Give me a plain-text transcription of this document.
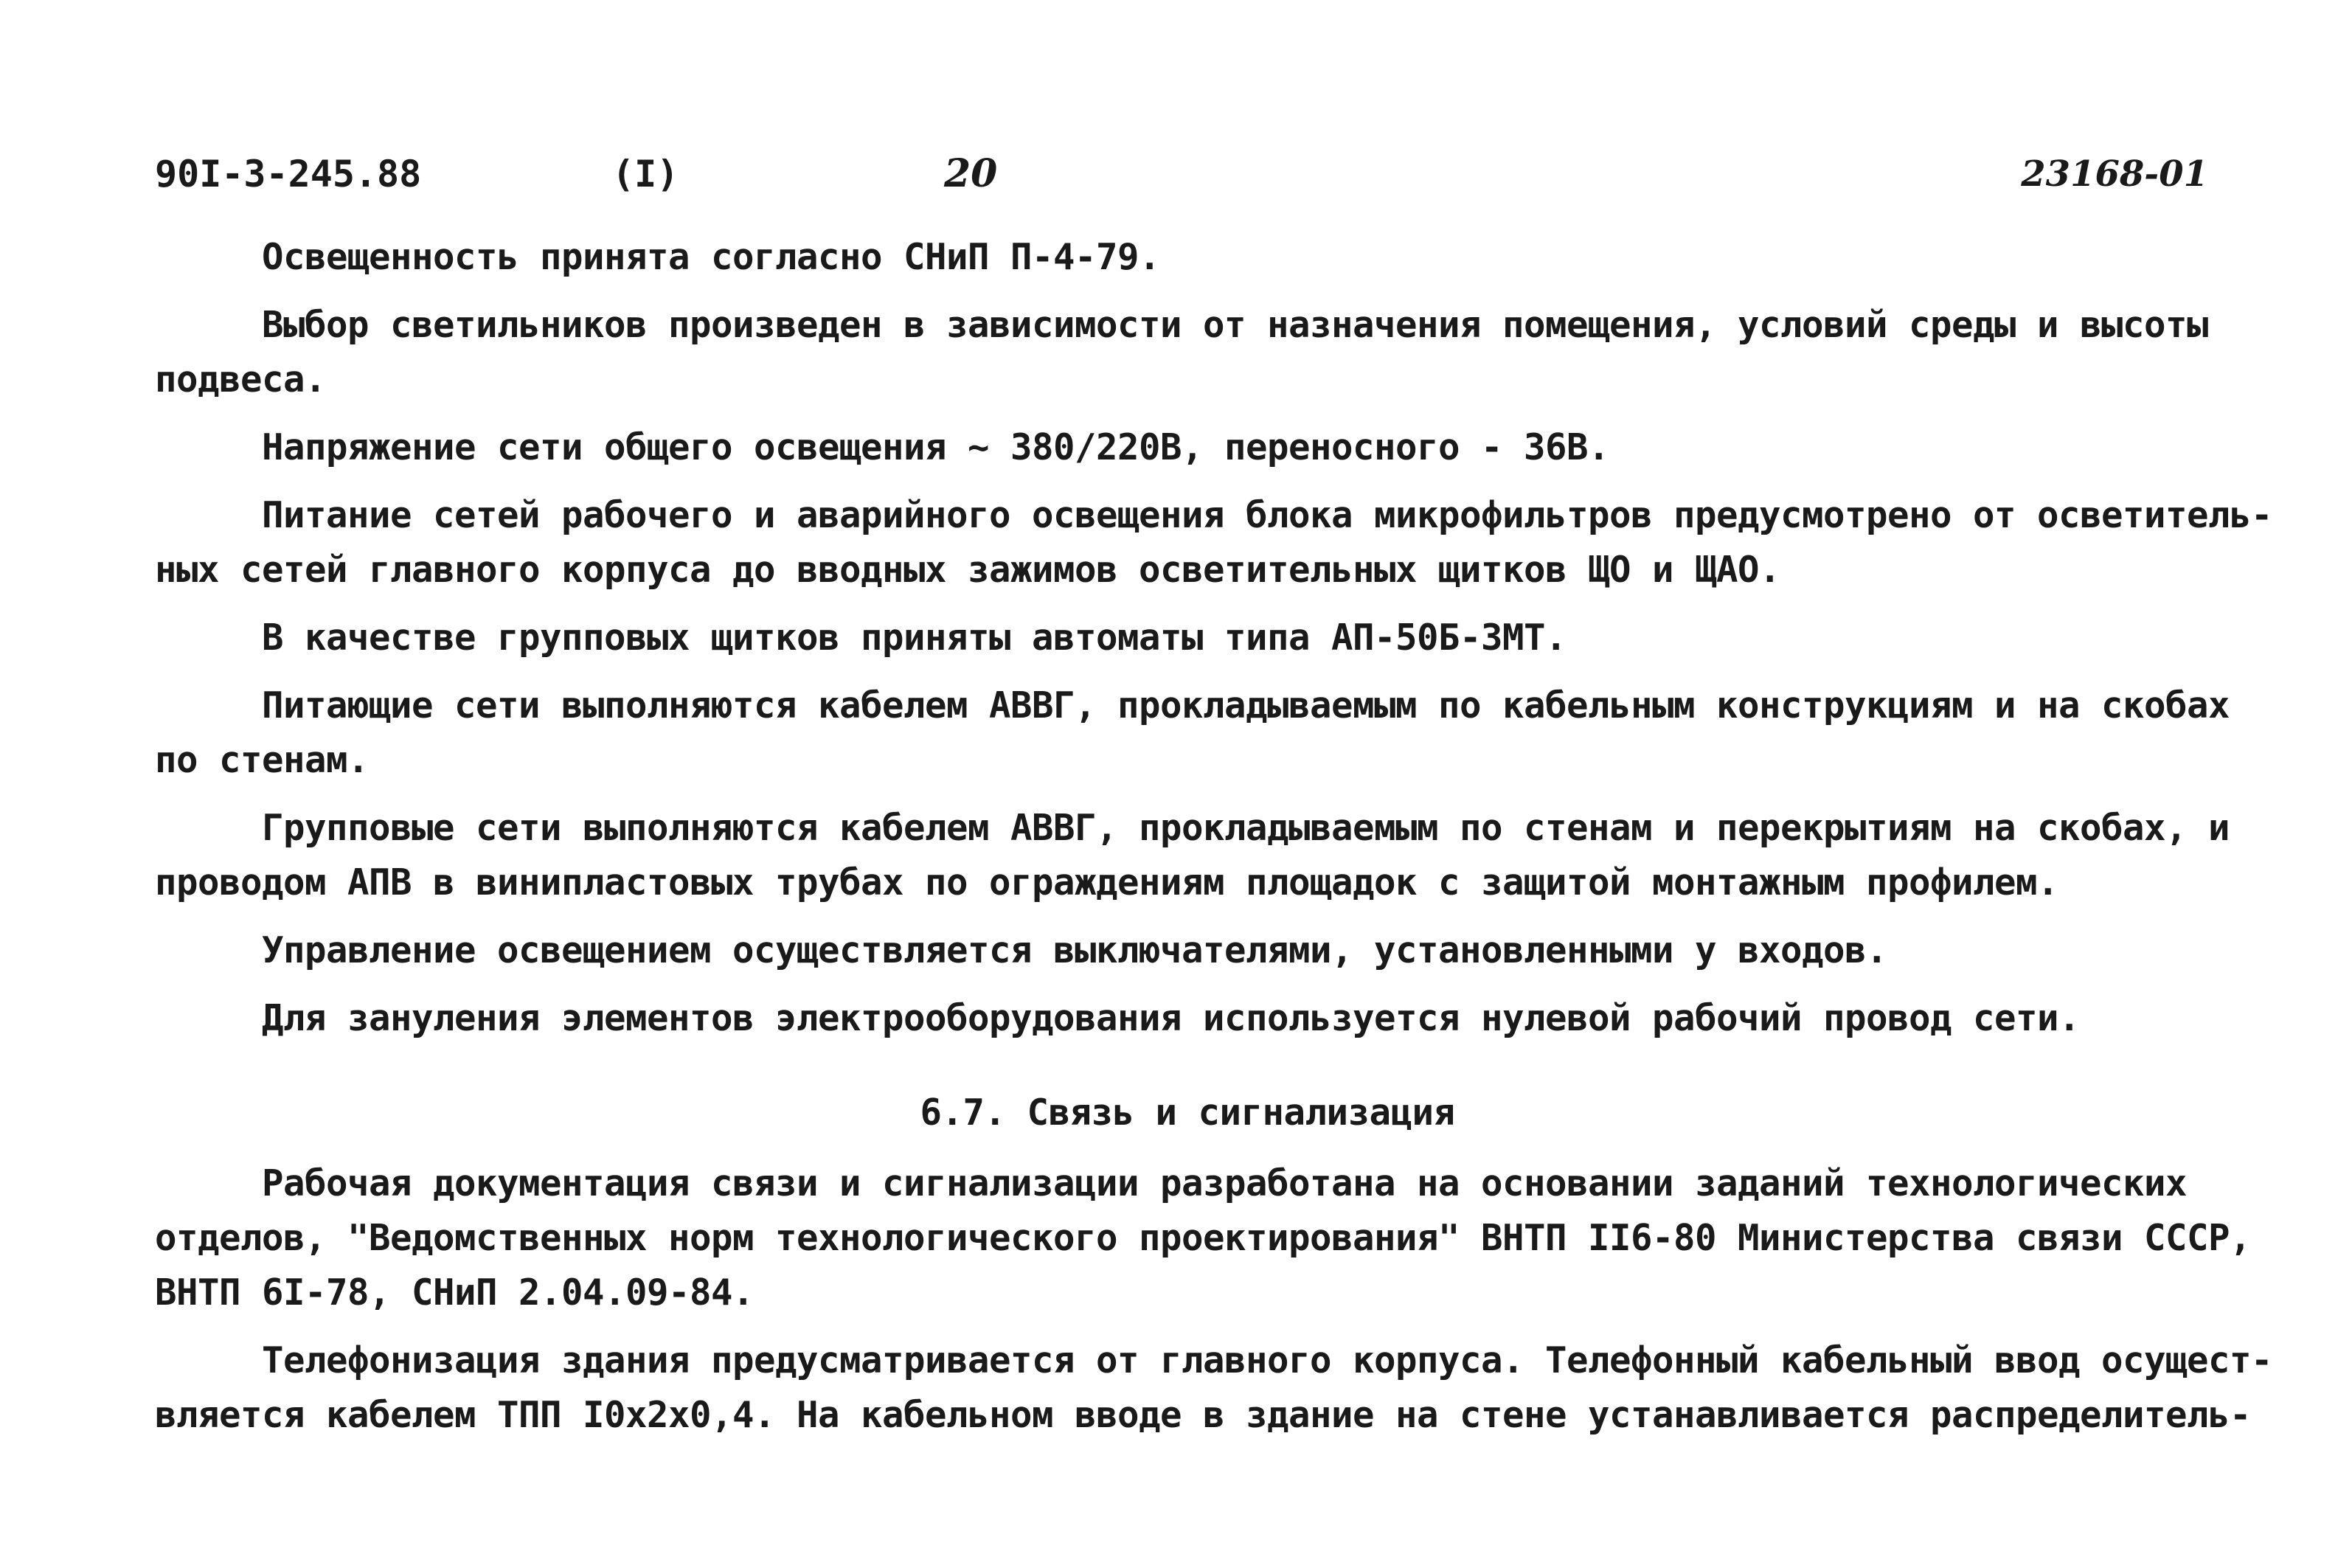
90I-3-245.88	(I)	20	23168-01
Освещенность принята согласно СНиП П-4-79.
Выбор светильников произведен в зависимости от назначения помещения, условий среды и высоты
подвеса.
Напряжение сети общего освещения ~ 380/220В, переносного - 36В.
Питание сетей рабочего и аварийного освещения блока микрофильтров предусмотрено от осветитель-
ных сетей главного корпуса до вводных зажимов осветительных щитков ЩО и ЩАО.
В качестве групповых щитков приняты автоматы типа АП-50Б-3МТ.
Питающие сети выполняются кабелем АВВГ, прокладываемым по кабельным конструкциям и на скобах
по стенам.
Групповые сети выполняются кабелем АВВГ, прокладываемым по стенам и перекрытиям на скобах, и
проводом АПВ в винипластовых трубах по ограждениям площадок с защитой монтажным профилем.
Управление освещением осуществляется выключателями, установленными у входов.
Для зануления элементов электрооборудования используется нулевой рабочий провод сети.
6.7. Связь и сигнализация
Рабочая документация связи и сигнализации разработана на основании заданий технологических
отделов, "Ведомственных норм технологического проектирования" ВНТП II6-80 Министерства связи СССР,
ВНТП 6I-78, СНиП 2.04.09-84.
Телефонизация здания предусматривается от главного корпуса. Телефонный кабельный ввод осущест-
вляется кабелем ТПП I0х2х0,4. На кабельном вводе в здание на стене устанавливается распределитель-
